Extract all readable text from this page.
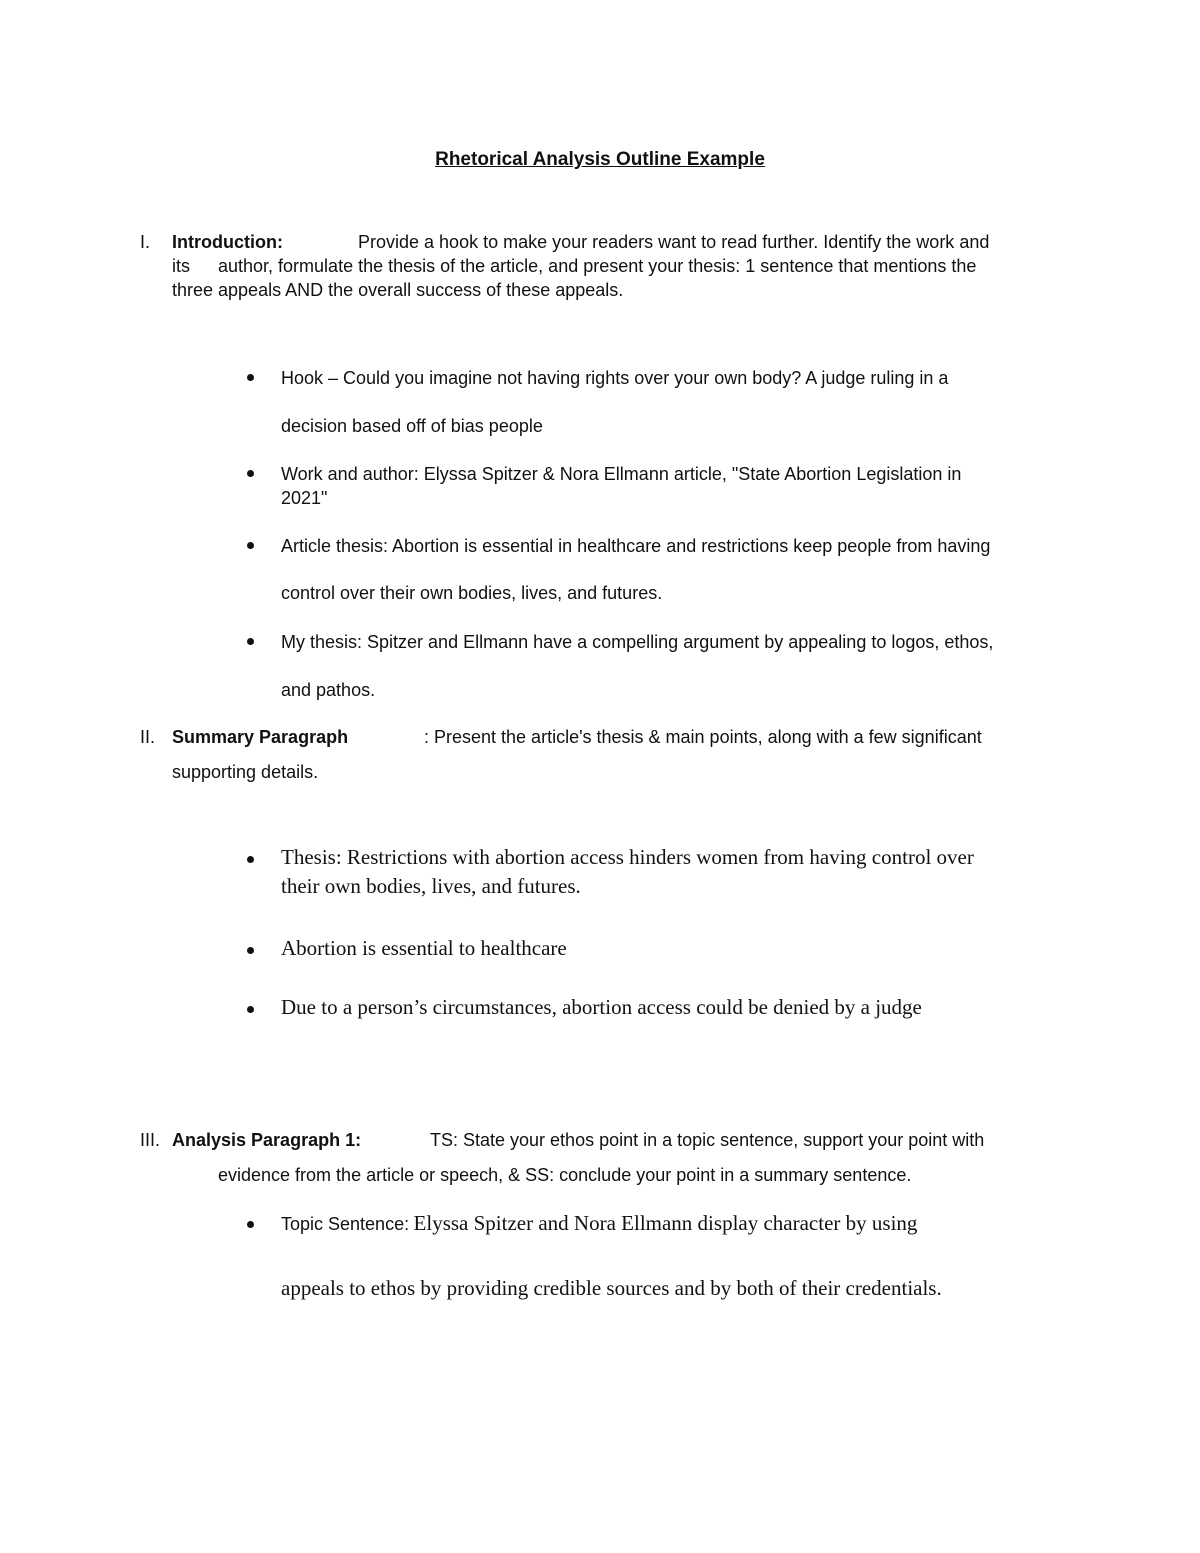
Rhetorical Analysis Outline Example
I. Introduction:	Provide a hook to make your readers want to read further. Identify the work and
its author, formulate the thesis of the article, and present your thesis: 1 sentence that mentions the
three appeals AND the overall success of these appeals.
Hook – Could you imagine not having rights over your own body? A judge ruling in a
decision based off of bias people
Work and author: Elyssa Spitzer & Nora Ellmann article, "State Abortion Legislation in
2021"
Article thesis: Abortion is essential in healthcare and restrictions keep people from having
control over their own bodies, lives, and futures.
My thesis: Spitzer and Ellmann have a compelling argument by appealing to logos, ethos,
and pathos.
II. Summary Paragraph	: Present the article's thesis & main points, along with a few significant
supporting details.
Thesis: Restrictions with abortion access hinders women from having control over
their own bodies, lives, and futures.
Abortion is essential to healthcare
Due to a person’s circumstances, abortion access could be denied by a judge
III. Analysis Paragraph 1:	TS: State your ethos point in a topic sentence, support your point with
evidence from the article or speech, & SS: conclude your point in a summary sentence.
Topic Sentence: Elyssa Spitzer and Nora Ellmann display character by using
appeals to ethos by providing credible sources and by both of their credentials.
